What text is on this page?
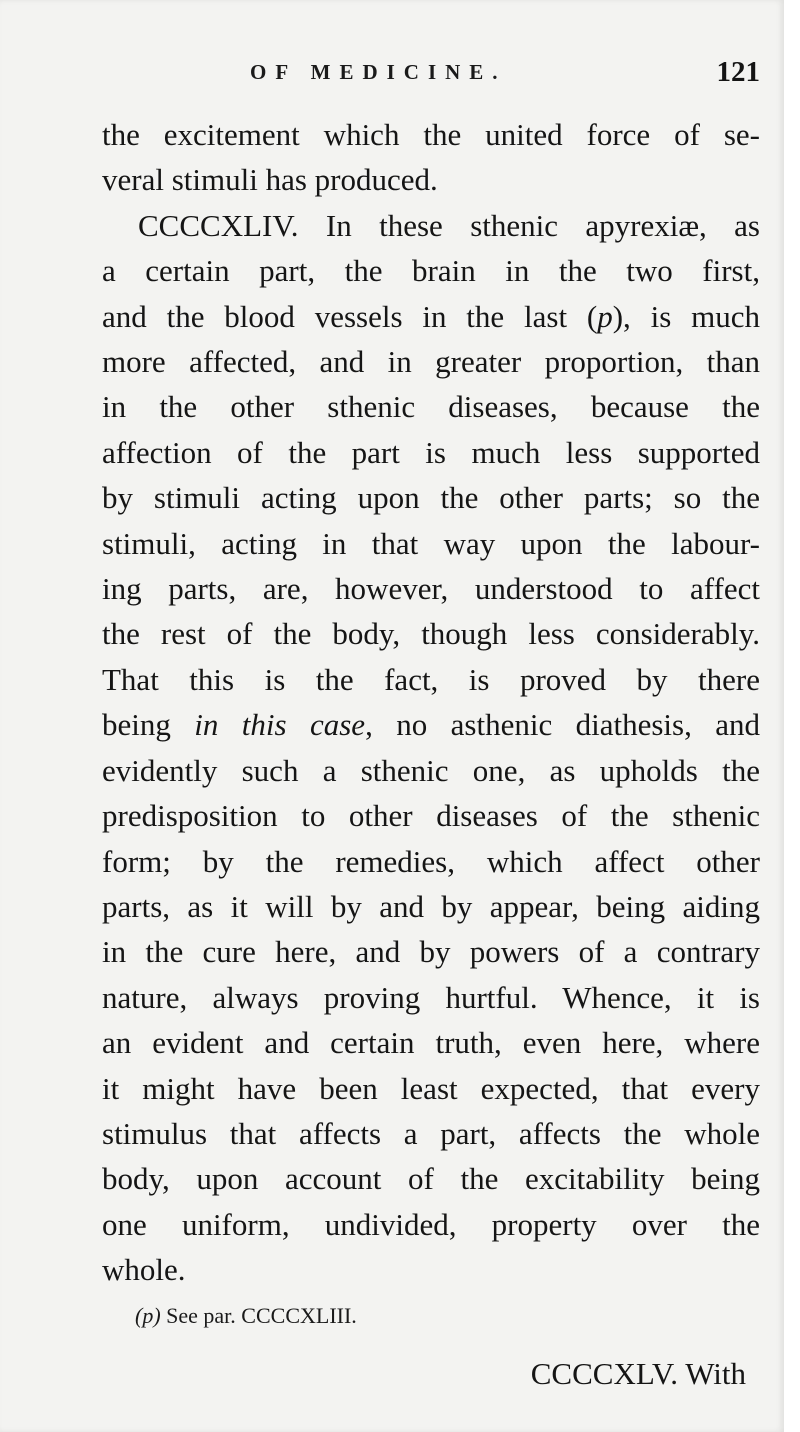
OF MEDICINE.	121
the excitement which the united force of se-
veral stimuli has produced.
CCCCXLIV. In these sthenic apyrexiæ, as
a certain part, the brain in the two first,
and the blood vessels in the last (p), is much
more affected, and in greater proportion, than
in the other sthenic diseases, because the
affection of the part is much less supported
by stimuli acting upon the other parts; so the
stimuli, acting in that way upon the labour-
ing parts, are, however, understood to affect
the rest of the body, though less considerably.
That this is the fact, is proved by there
being in this case, no asthenic diathesis, and
evidently such a sthenic one, as upholds the
predisposition to other diseases of the sthenic
form; by the remedies, which affect other
parts, as it will by and by appear, being aiding
in the cure here, and by powers of a contrary
nature, always proving hurtful. Whence, it is
an evident and certain truth, even here, where
it might have been least expected, that every
stimulus that affects a part, affects the whole
body, upon account of the excitability being
one uniform, undivided, property over the
whole.
(p) See par. CCCCXLIII.
CCCCXLV. With
